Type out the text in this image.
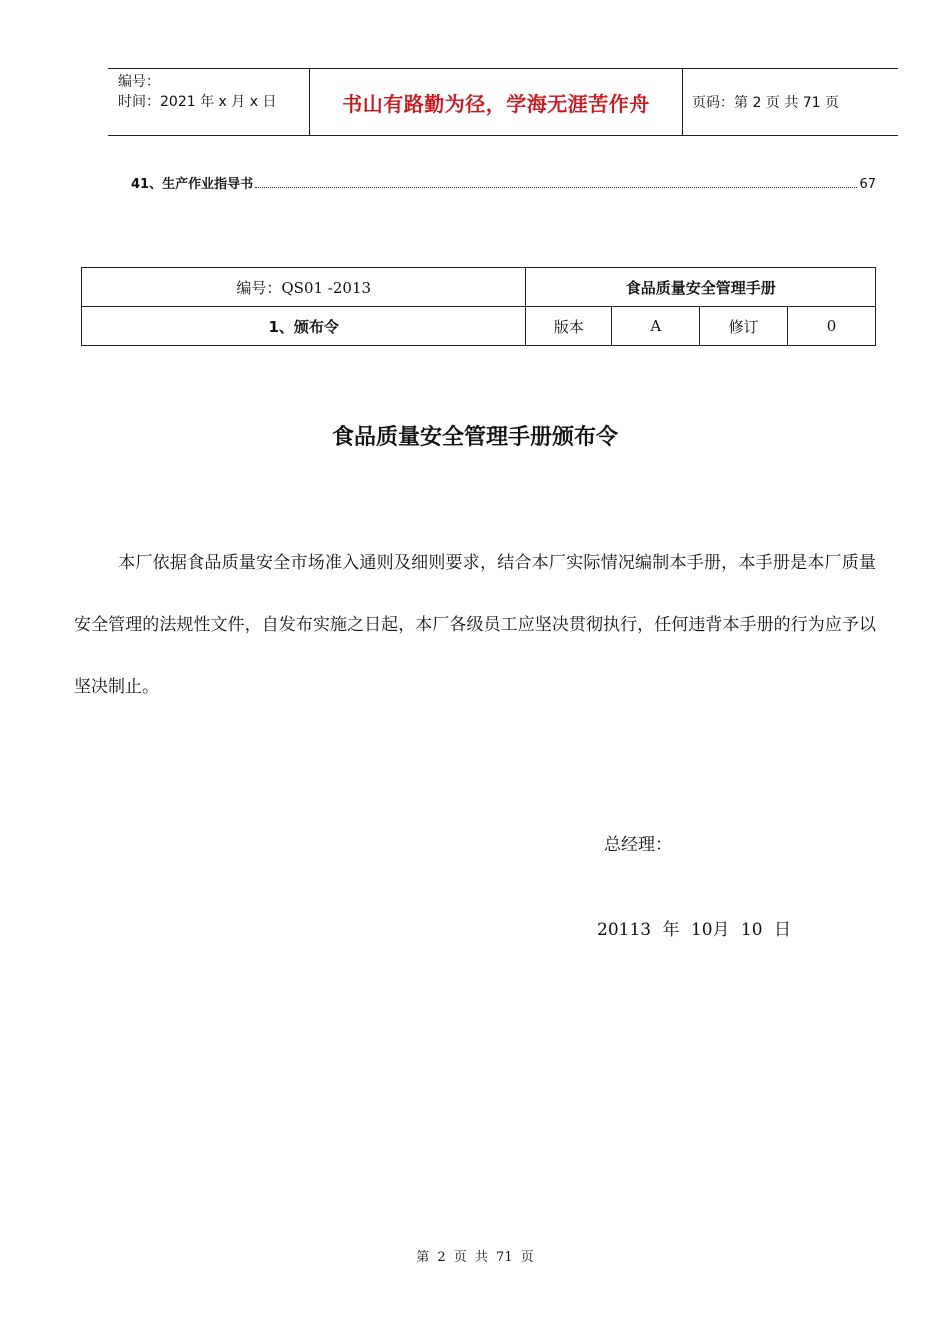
编号：
时间：2021 年 x 月 x 日	书山有路勤为径，学海无涯苦作舟	页码：第 2 页 共 71 页
41、生产作业指导书	67
编号：QS01 -2013	食品质量安全管理手册			
1、颁布令	版本	A	修订	0
食品质量安全管理手册颁布令
本厂依据食品质量安全市场准入通则及细则要求，结合本厂实际情况编制本手册，本手册是本厂质量安全管理的法规性文件，自发布实施之日起，本厂各级员工应坚决贯彻执行，任何违背本手册的行为应予以坚决制止。
总经理：
20113 年 10月 10 日
第 2 页 共 71 页
